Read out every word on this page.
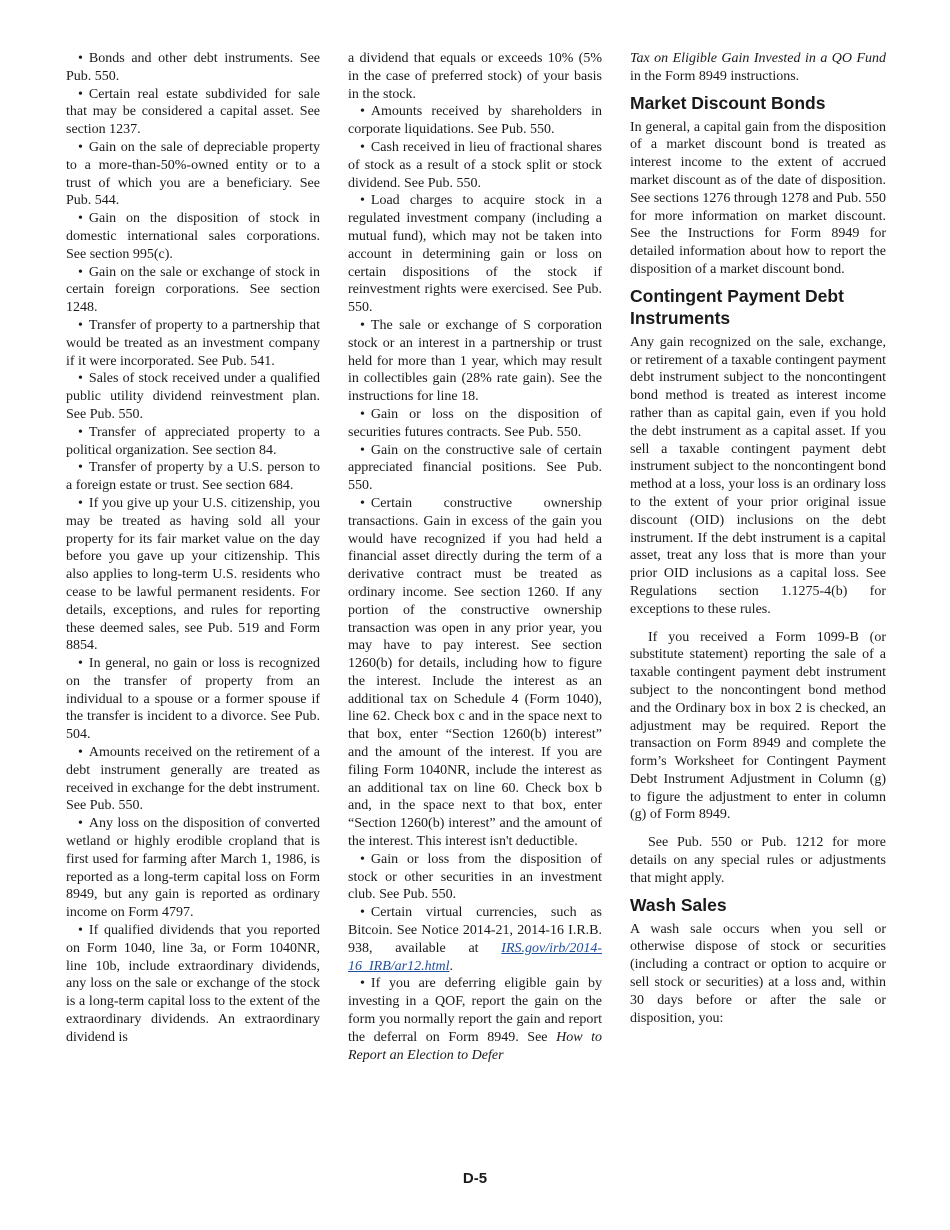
• Bonds and other debt instruments. See Pub. 550.

• Certain real estate subdivided for sale that may be considered a capital asset. See section 1237.

• Gain on the sale of depreciable property to a more-than-50%-owned entity or to a trust of which you are a beneficiary. See Pub. 544.

• Gain on the disposition of stock in domestic international sales corporations. See section 995(c).

• Gain on the sale or exchange of stock in certain foreign corporations. See section 1248.

• Transfer of property to a partnership that would be treated as an investment company if it were incorporated. See Pub. 541.

• Sales of stock received under a qualified public utility dividend reinvestment plan. See Pub. 550.

• Transfer of appreciated property to a political organization. See section 84.

• Transfer of property by a U.S. person to a foreign estate or trust. See section 684.

• If you give up your U.S. citizenship, you may be treated as having sold all your property for its fair market value on the day before you gave up your citizenship. This also applies to long-term U.S. residents who cease to be lawful permanent residents. For details, exceptions, and rules for reporting these deemed sales, see Pub. 519 and Form 8854.

• In general, no gain or loss is recognized on the transfer of property from an individual to a spouse or a former spouse if the transfer is incident to a divorce. See Pub. 504.

• Amounts received on the retirement of a debt instrument generally are treated as received in exchange for the debt instrument. See Pub. 550.

• Any loss on the disposition of converted wetland or highly erodible cropland that is first used for farming after March 1, 1986, is reported as a long-term capital loss on Form 8949, but any gain is reported as ordinary income on Form 4797.

• If qualified dividends that you reported on Form 1040, line 3a, or Form 1040NR, line 10b, include extraordinary dividends, any loss on the sale or exchange of the stock is a long-term capital loss to the extent of the extraordinary dividends. An extraordinary dividend is

a dividend that equals or exceeds 10% (5% in the case of preferred stock) of your basis in the stock.

• Amounts received by shareholders in corporate liquidations. See Pub. 550.

• Cash received in lieu of fractional shares of stock as a result of a stock split or stock dividend. See Pub. 550.

• Load charges to acquire stock in a regulated investment company (including a mutual fund), which may not be taken into account in determining gain or loss on certain dispositions of the stock if reinvestment rights were exercised. See Pub. 550.

• The sale or exchange of S corporation stock or an interest in a partnership or trust held for more than 1 year, which may result in collectibles gain (28% rate gain). See the instructions for line 18.

• Gain or loss on the disposition of securities futures contracts. See Pub. 550.

• Gain on the constructive sale of certain appreciated financial positions. See Pub. 550.

• Certain constructive ownership transactions. Gain in excess of the gain you would have recognized if you had held a financial asset directly during the term of a derivative contract must be treated as ordinary income. See section 1260. If any portion of the constructive ownership transaction was open in any prior year, you may have to pay interest. See section 1260(b) for details, including how to figure the interest. Include the interest as an additional tax on Schedule 4 (Form 1040), line 62. Check box c and in the space next to that box, enter “Section 1260(b) interest” and the amount of the interest. If you are filing Form 1040NR, include the interest as an additional tax on line 60. Check box b and, in the space next to that box, enter “Section 1260(b) interest” and the amount of the interest. This interest isn't deductible.

• Gain or loss from the disposition of stock or other securities in an investment club. See Pub. 550.

• Certain virtual currencies, such as Bitcoin. See Notice 2014-21, 2014-16 I.R.B. 938, available at IRS.gov/irb/2014-16_IRB/ar12.html.

• If you are deferring eligible gain by investing in a QOF, report the gain on the form you normally report the gain and report the deferral on Form 8949. See How to Report an Election to Defer

Tax on Eligible Gain Invested in a QO Fund in the Form 8949 instructions.

Market Discount Bonds

In general, a capital gain from the disposition of a market discount bond is treated as interest income to the extent of accrued market discount as of the date of disposition. See sections 1276 through 1278 and Pub. 550 for more information on market discount. See the Instructions for Form 8949 for detailed information about how to report the disposition of a market discount bond.

Contingent Payment Debt Instruments

Any gain recognized on the sale, exchange, or retirement of a taxable contingent payment debt instrument subject to the noncontingent bond method is treated as interest income rather than as capital gain, even if you hold the debt instrument as a capital asset. If you sell a taxable contingent payment debt instrument subject to the noncontingent bond method at a loss, your loss is an ordinary loss to the extent of your prior original issue discount (OID) inclusions on the debt instrument. If the debt instrument is a capital asset, treat any loss that is more than your prior OID inclusions as a capital loss. See Regulations section 1.1275-4(b) for exceptions to these rules.

If you received a Form 1099-B (or substitute statement) reporting the sale of a taxable contingent payment debt instrument subject to the noncontingent bond method and the Ordinary box in box 2 is checked, an adjustment may be required. Report the transaction on Form 8949 and complete the form’s Worksheet for Contingent Payment Debt Instrument Adjustment in Column (g) to figure the adjustment to enter in column (g) of Form 8949.

See Pub. 550 or Pub. 1212 for more details on any special rules or adjustments that might apply.

Wash Sales

A wash sale occurs when you sell or otherwise dispose of stock or securities (including a contract or option to acquire or sell stock or securities) at a loss and, within 30 days before or after the sale or disposition, you:

D-5
